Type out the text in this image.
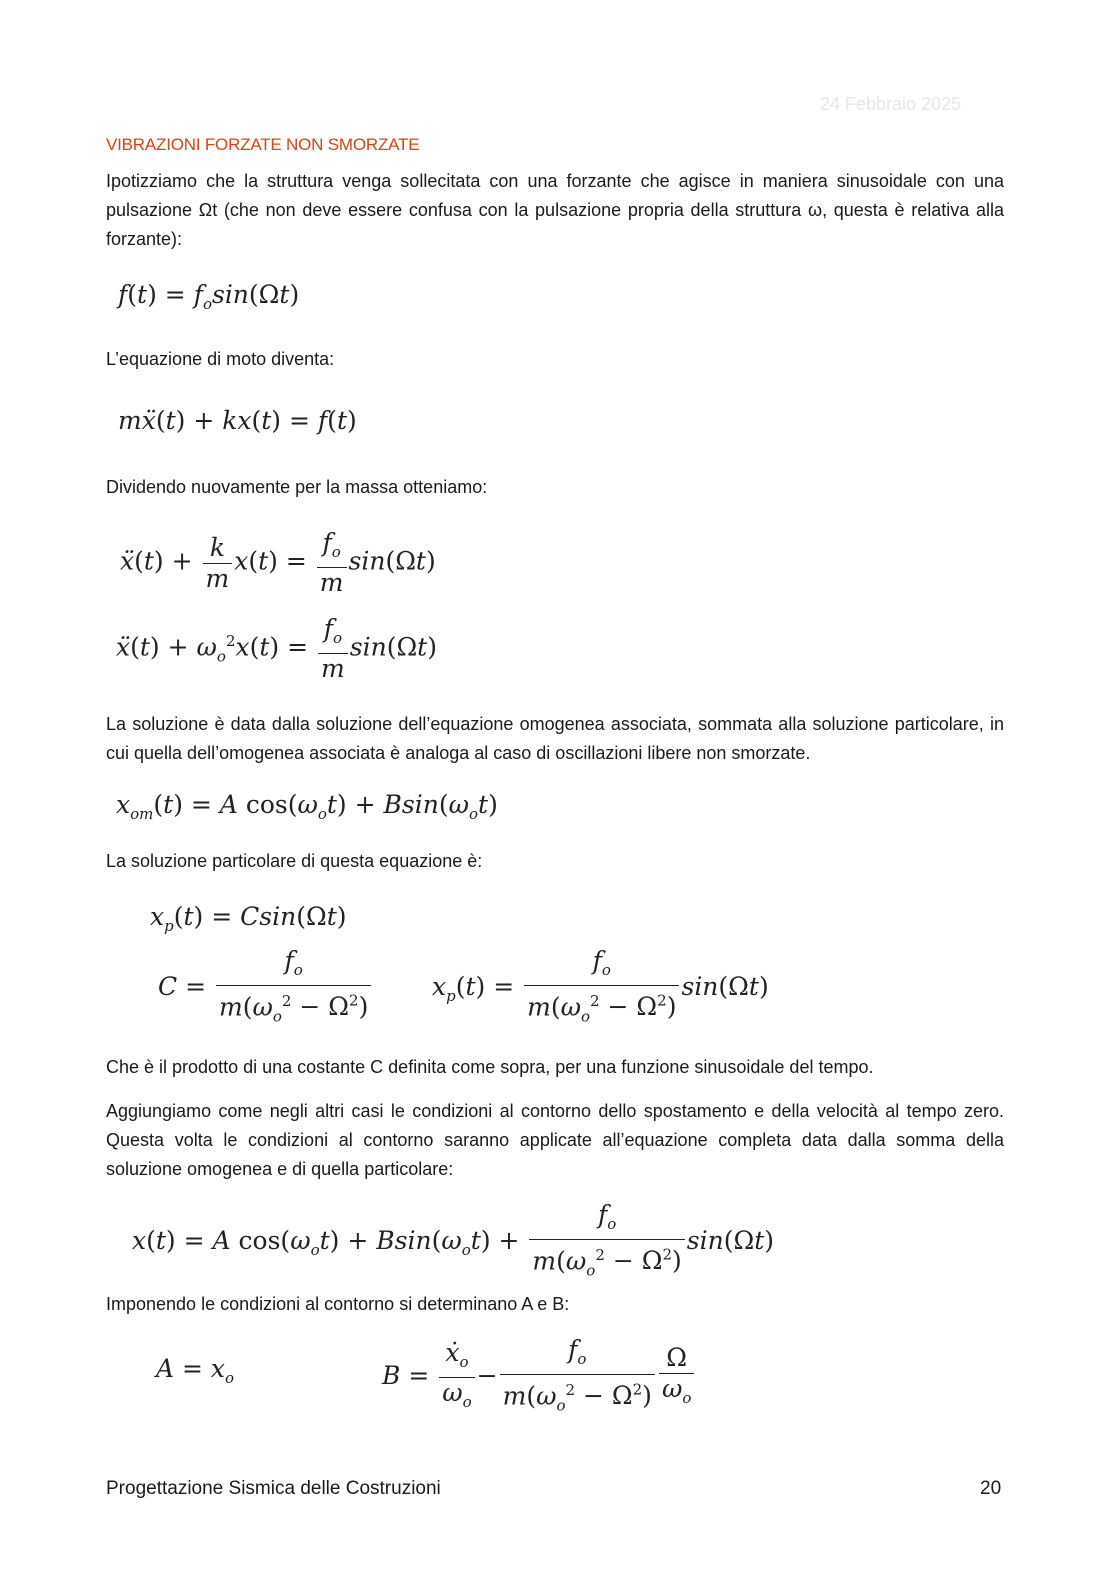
24 Febbraio 2025
VIBRAZIONI FORZATE NON SMORZATE
Ipotizziamo che la struttura venga sollecitata con una forzante che agisce in maniera sinusoidale con una pulsazione Ωt (che non deve essere confusa con la pulsazione propria della struttura ω, questa è relativa alla forzante):
$f(t) = f_o\sin(\Omega t)$
L’equazione di moto diventa:
mẍ(t) + kx(t) = f(t)
Dividendo nuovamente per la massa otteniamo:
ẍ(t) + $\frac{k}{m} x(t) = \frac{f_o}{m} \sin(\Omega t)$
ẍ(t) + $\omega_o^2x(t) = \frac{f_o}{m} \sin(\Omega t)$
La soluzione è data dalla soluzione dell’equazione omogenea associata, sommata alla soluzione particolare, in cui quella dell’omogenea associata è analoga al caso di oscillazioni libere non smorzate.
$x_{om}(t) = A$ $\cos(\omega_ot) + Bsin(\omega_ot)$
La soluzione particolare di questa equazione è:
$x_p(t) = Csin(\Omega t)$
$C = \frac{f_o}{m(\omega_o^2 - \Omega^2)} x_p(t) = \frac{f_o}{m(\omega_o^2 - \Omega^2)} \sin(\Omega t)$
Che è il prodotto di una costante C definita come sopra, per una funzione sinusoidale del tempo.
Aggiungiamo come negli altri casi le condizioni al contorno dello spostamento e della velocità al tempo zero. Questa volta le condizioni al contorno saranno applicate all’equazione completa data dalla somma della soluzione omogenea e di quella particolare:
x(t) = A $\cos(\omega_ot) + Bsin(\omega_ot) + \frac{f_o}{m(\omega_o^2 - \Omega^2)} \sin(\Omega t)$
Imponendo le condizioni al contorno si determinano A e B:
$A = x_o$	$B = \frac{ẋ_o}{\omega_o} - \frac{f_o}{m(\omega_o^2 - \Omega^2)} \frac{\Omega}{\omega_o}$
Progettazione Sismica delle Costruzioni	20
